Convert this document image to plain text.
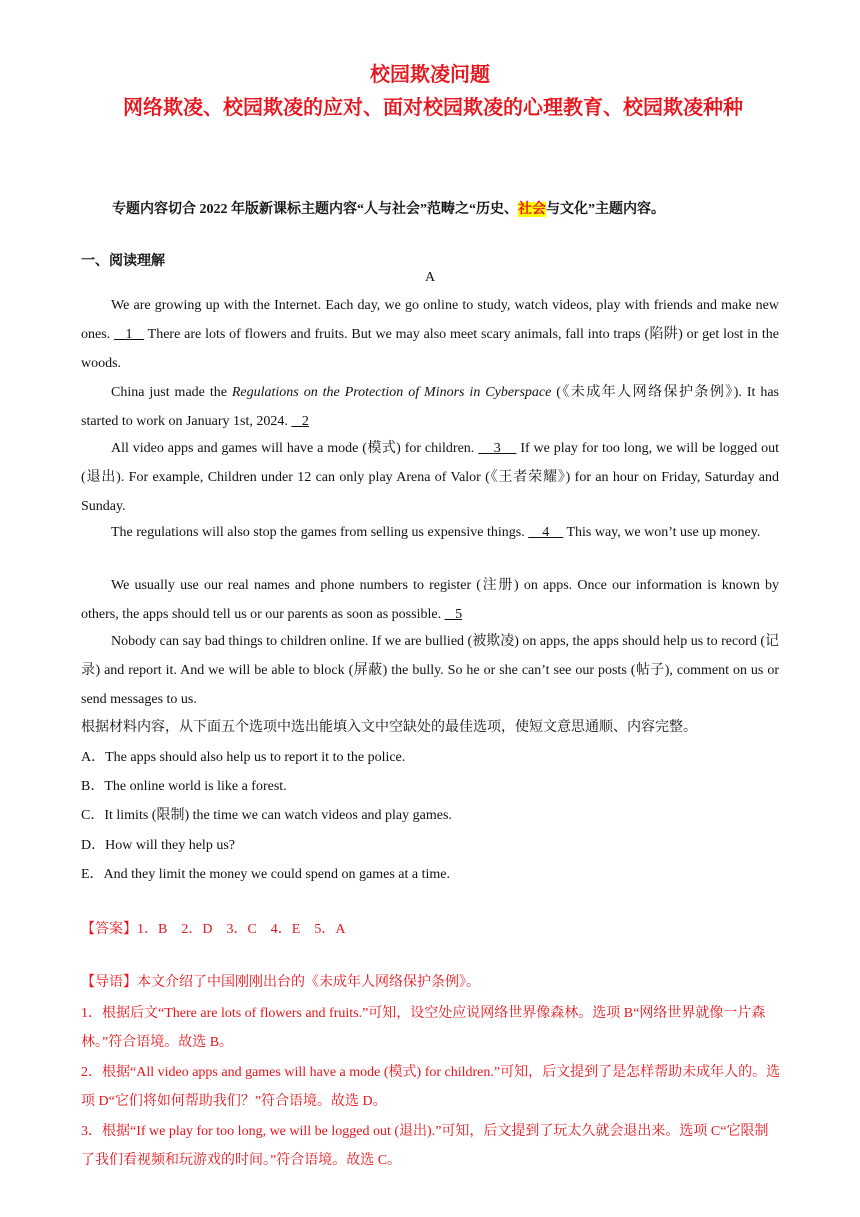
校园欺凌问题
网络欺凌、校园欺凌的应对、面对校园欺凌的心理教育、校园欺凌种种
专题内容切合 2022 年版新课标主题内容“人与社会”范畴之“历史、社会与文化”主题内容。
一、阅读理解
A
We are growing up with the Internet. Each day, we go online to study, watch videos, play with friends and make new ones.    1    There are lots of flowers and fruits. But we may also meet scary animals, fall into traps (陷阱) or get lost in the woods.
China just made the Regulations on the Protection of Minors in Cyberspace (《未成年人网络保护条例》). It has started to work on January 1st, 2024.    2
All video apps and games will have a mode (模式) for children.     3     If we play for too long, we will be logged out (退出). For example, Children under 12 can only play Arena of Valor (《王者荣耀》) for an hour on Friday, Saturday and Sunday.
The regulations will also stop the games from selling us expensive things.     4     This way, we won’t use up money.
We usually use our real names and phone numbers to register (注册) on apps. Once our information is known by others, the apps should tell us or our parents as soon as possible.    5
Nobody can say bad things to children online. If we are bullied (被欺凌) on apps, the apps should help us to record (记录) and report it. And we will be able to block (屏蔽) the bully. So he or she can’t see our posts (帖子), comment on us or send messages to us.
根据材料内容，从下面五个选项中选出能填入文中空缺处的最佳选项，使短文意思通顺、内容完整。
A．The apps should also help us to report it to the police.
B．The online world is like a forest.
C．It limits (限制) the time we can watch videos and play games.
D．How will they help us?
E．And they limit the money we could spend on games at a time.
【答案】1．B　2．D　3．C　4．E　5．A
【导语】本文介绍了中国刚刚出台的《未成年人网络保护条例》。
1．根据后文“There are lots of flowers and fruits.”可知，设空处应说网络世界像森林。选项 B“网络世界就像一片森林。”符合语境。故选 B。
2．根据“All video apps and games will have a mode (模式) for children.”可知，后文提到了是怎样帮助未成年人的。选项 D“它们将如何帮助我们？”符合语境。故选 D。
3．根据“If we play for too long, we will be logged out (退出).”可知，后文提到了玩太久就会退出来。选项 C“它限制了我们看视频和玩游戏的时间。”符合语境。故选 C。
